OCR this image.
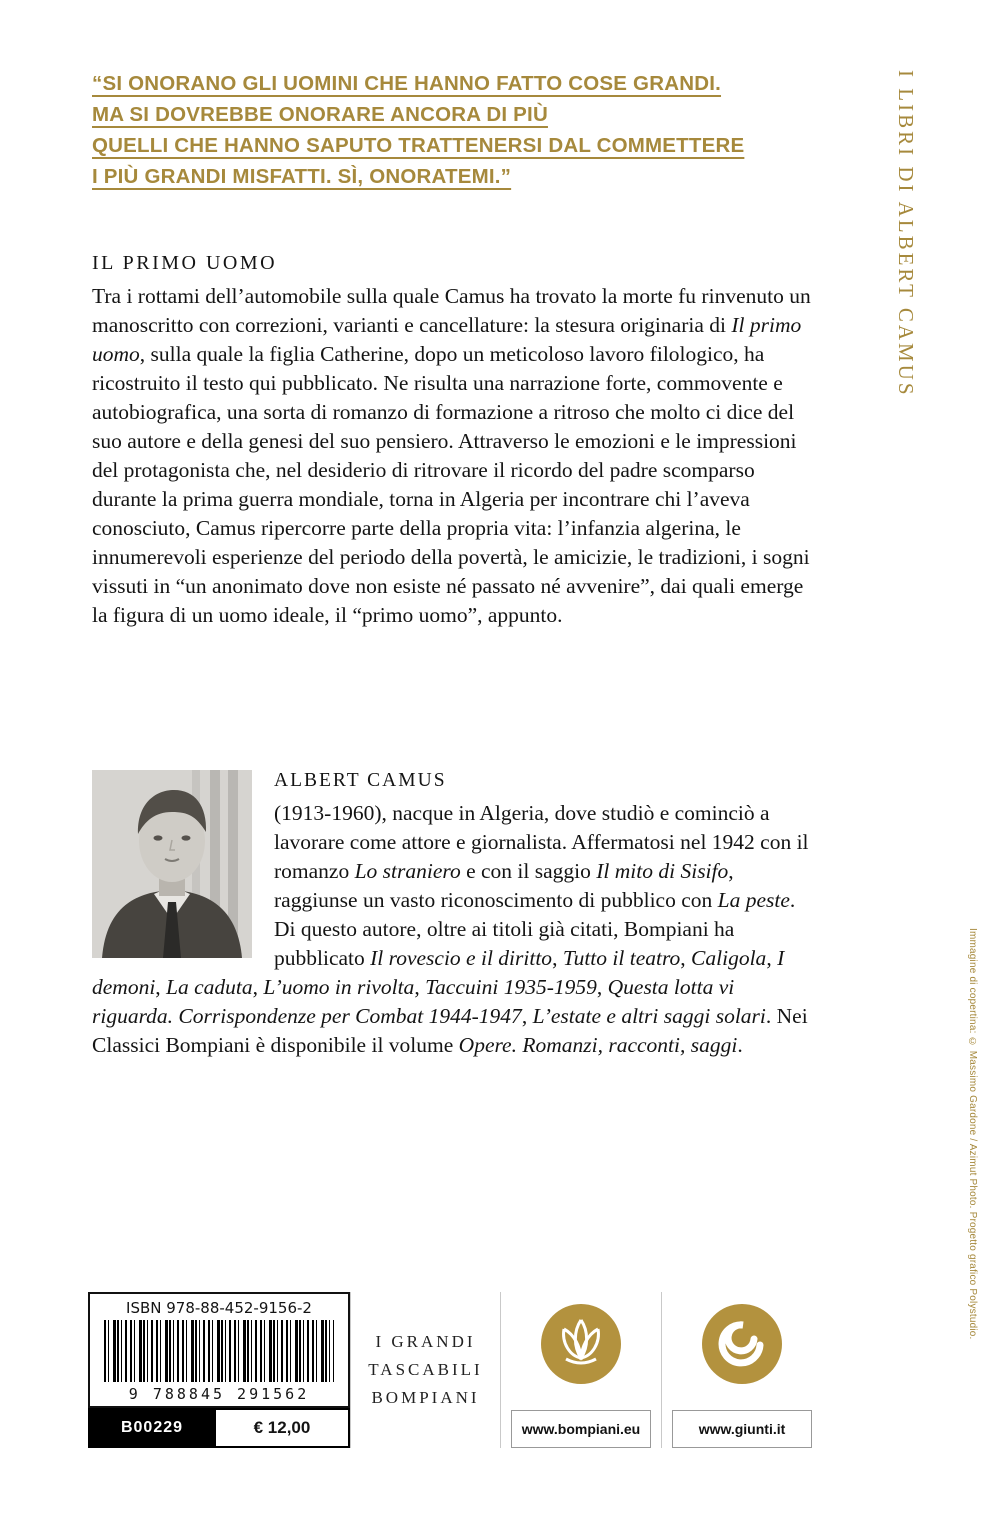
“SI ONORANO GLI UOMINI CHE HANNO FATTO COSE GRANDI.
MA SI DOVREBBE ONORARE ANCORA DI PIÙ
QUELLI CHE HANNO SAPUTO TRATTENERSI DAL COMMETTERE
I PIÙ GRANDI MISFATTI. SÌ, ONORATEMI.”	I LIBRI DI ALBERT CAMUS
IL PRIMO UOMO

Tra i rottami dell’automobile sulla quale Camus ha trovato la morte fu rinvenuto un manoscritto con correzioni, varianti e cancellature: la stesura originaria di Il primo uomo, sulla quale la figlia Catherine, dopo un meticoloso lavoro filologico, ha ricostruito il testo qui pubblicato. Ne risulta una narrazione forte, commovente e autobiografica, una sorta di romanzo di formazione a ritroso che molto ci dice del suo autore e della genesi del suo pensiero. Attraverso le emozioni e le impressioni del protagonista che, nel desiderio di ritrovare il ricordo del padre scomparso durante la prima guerra mondiale, torna in Algeria per incontrare chi l’aveva conosciuto, Camus ripercorre parte della propria vita: l’infanzia algerina, le innumerevoli esperienze del periodo della povertà, le amicizie, le tradizioni, i sogni vissuti in “un anonimato dove non esiste né passato né avvenire”, dai quali emerge la figura di un uomo ideale, il “primo uomo”, appunto.

ALBERT CAMUS

(1913-1960), nacque in Algeria, dove studiò e cominciò a lavorare come attore e giornalista. Affermatosi nel 1942 con il romanzo Lo straniero e con il saggio Il mito di Sisifo, raggiunse un vasto riconoscimento di pubblico con La peste. Di questo autore, oltre ai titoli già citati, Bompiani ha pubblicato Il rovescio e il diritto, Tutto il teatro, Caligola, I demoni, La caduta, L’uomo in rivolta, Taccuini 1935-1959, Questa lotta vi riguarda. Corrispondenze per Combat 1944-1947, L’estate e altri saggi solari. Nei Classici Bompiani è disponibile il volume Opere. Romanzi, racconti, saggi.

ISBN 978-88-452-9156-2
9 788845 291562
B00229	€ 12,00
I GRANDI
TASCABILI
BOMPIANI
www.bompiani.eu	www.giunti.it
Immagine di copertina: © Massimo Gardone / Azimut Photo. Progetto grafico Polystudio.
